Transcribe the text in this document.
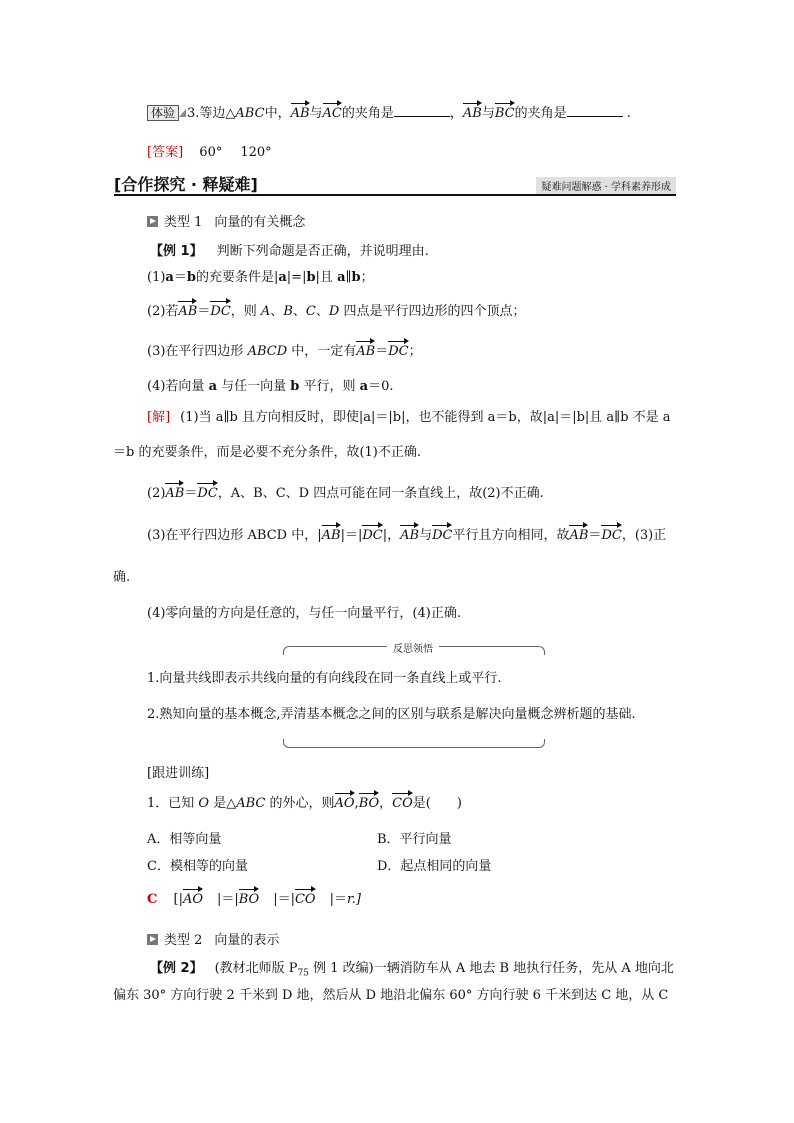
体验 3.等边△ABC中，AB与AC的夹角是	，AB与BC的夹角是	.
[答案] 60° 120°
[合作探究 · 释疑难]	疑难问题解惑 · 学科素养形成
类型 1 向量的有关概念
【例 1】 判断下列命题是否正确，并说明理由.
(1)a＝b的充要条件是|a|=|b|且 a∥b；
(2)若AB＝DC，则 A、B、C、D 四点是平行四边形的四个顶点；
(3)在平行四边形 ABCD 中，一定有AB＝DC；
(4)若向量 a 与任一向量 b 平行，则 a＝0.
[解] (1)当 a∥b 且方向相反时，即使|a|＝|b|，也不能得到 a＝b，故|a|＝|b|且 a∥b 不是 a
＝b 的充要条件，而是必要不充分条件，故(1)不正确.
(2)AB＝DC，A、B、C、D 四点可能在同一条直线上，故(2)不正确.
(3)在平行四边形 ABCD 中，|AB|＝|DC|，AB与DC平行且方向相同，故AB＝DC，(3)正
确.
(4)零向量的方向是任意的，与任一向量平行，(4)正确.
反思领悟
1.向量共线即表示共线向量的有向线段在同一条直线上或平行.
2.熟知向量的基本概念,弄清基本概念之间的区别与联系是解决向量概念辨析题的基础.
[跟进训练]
1．已知 O 是△ABC 的外心，则AO,BO，CO是(　　)
A．相等向量	B．平行向量
C．模相等的向量	D．起点相同的向量
C [|AO |＝|BO |＝|CO |＝r.]
类型 2 向量的表示
【例 2】 (教材北师版 $P_{75}$ 例 1 改编)一辆消防车从 A 地去 B 地执行任务，先从 A 地向北
偏东 30° 方向行驶 2 千米到 D 地，然后从 D 地沿北偏东 60° 方向行驶 6 千米到达 C 地，从 C
